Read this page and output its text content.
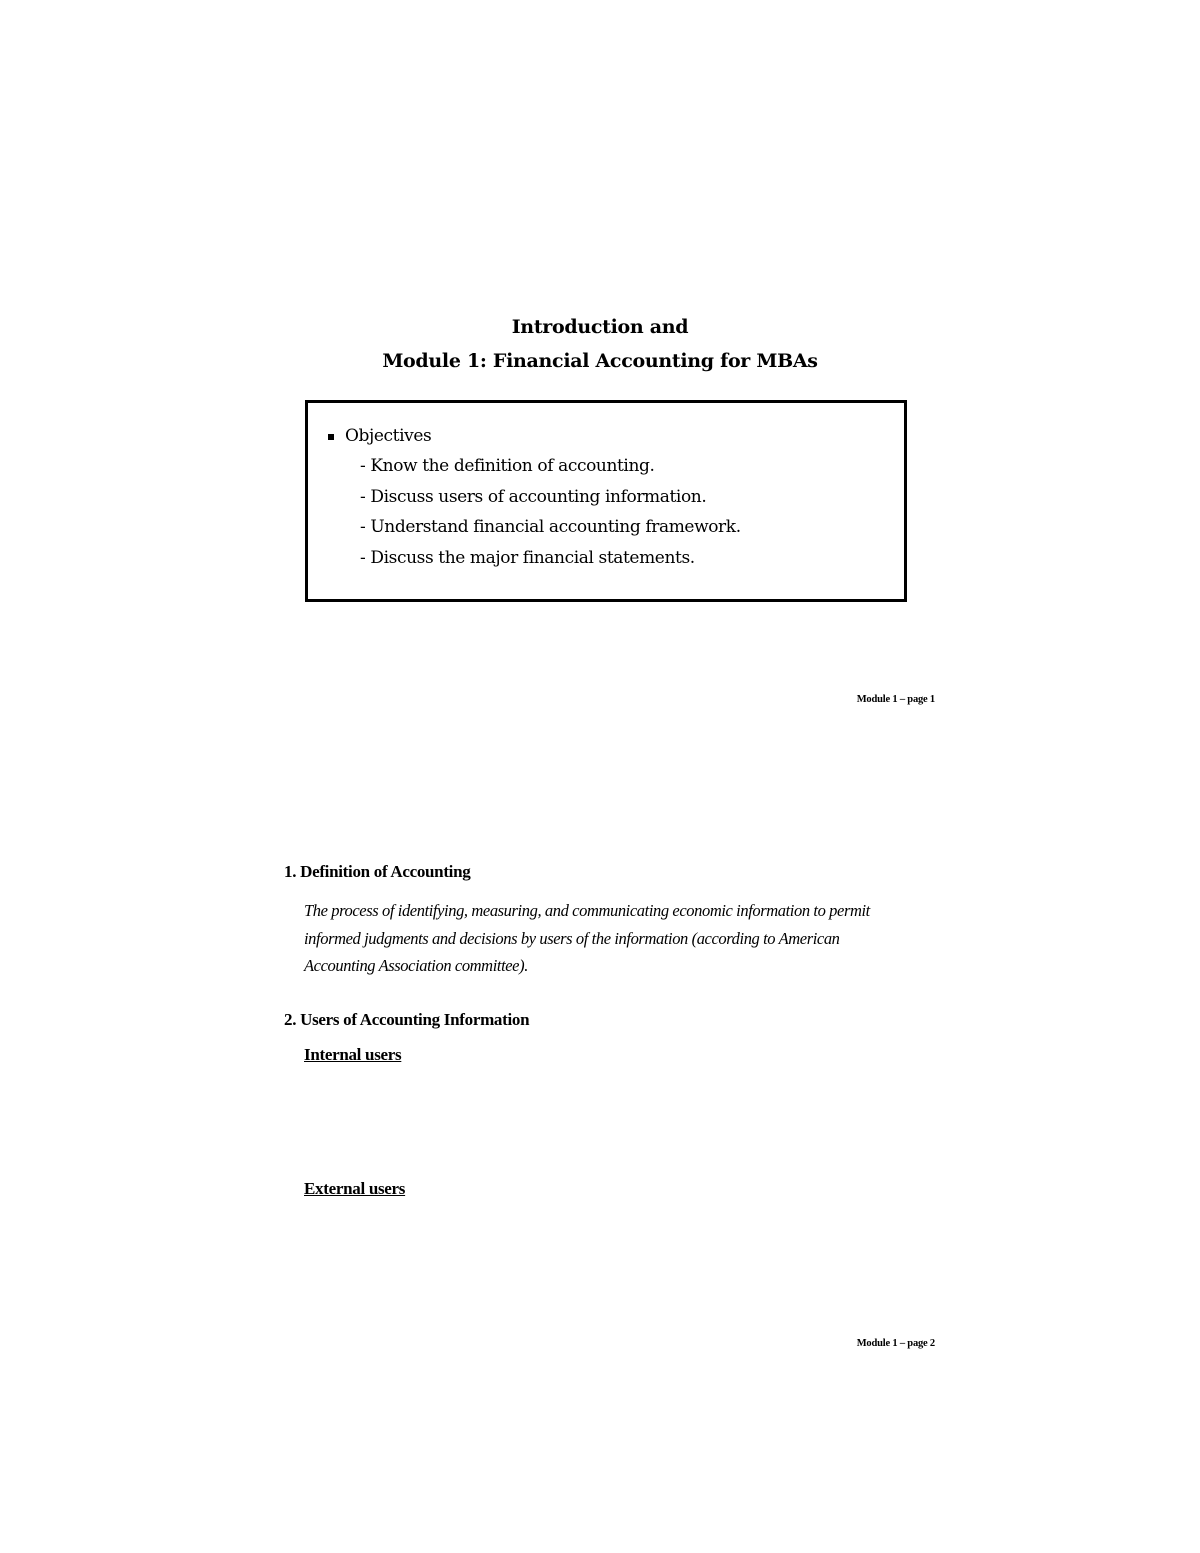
Introduction and
Module 1: Financial Accounting for MBAs
Objectives
- Know the definition of accounting.
- Discuss users of accounting information.
- Understand financial accounting framework.
- Discuss the major financial statements.
Module 1 – page 1
1. Definition of Accounting

The process of identifying, measuring, and communicating economic information to permit informed judgments and decisions by users of the information (according to American Accounting Association committee).

2. Users of Accounting Information
Internal users
External users
Module 1 – page 2
